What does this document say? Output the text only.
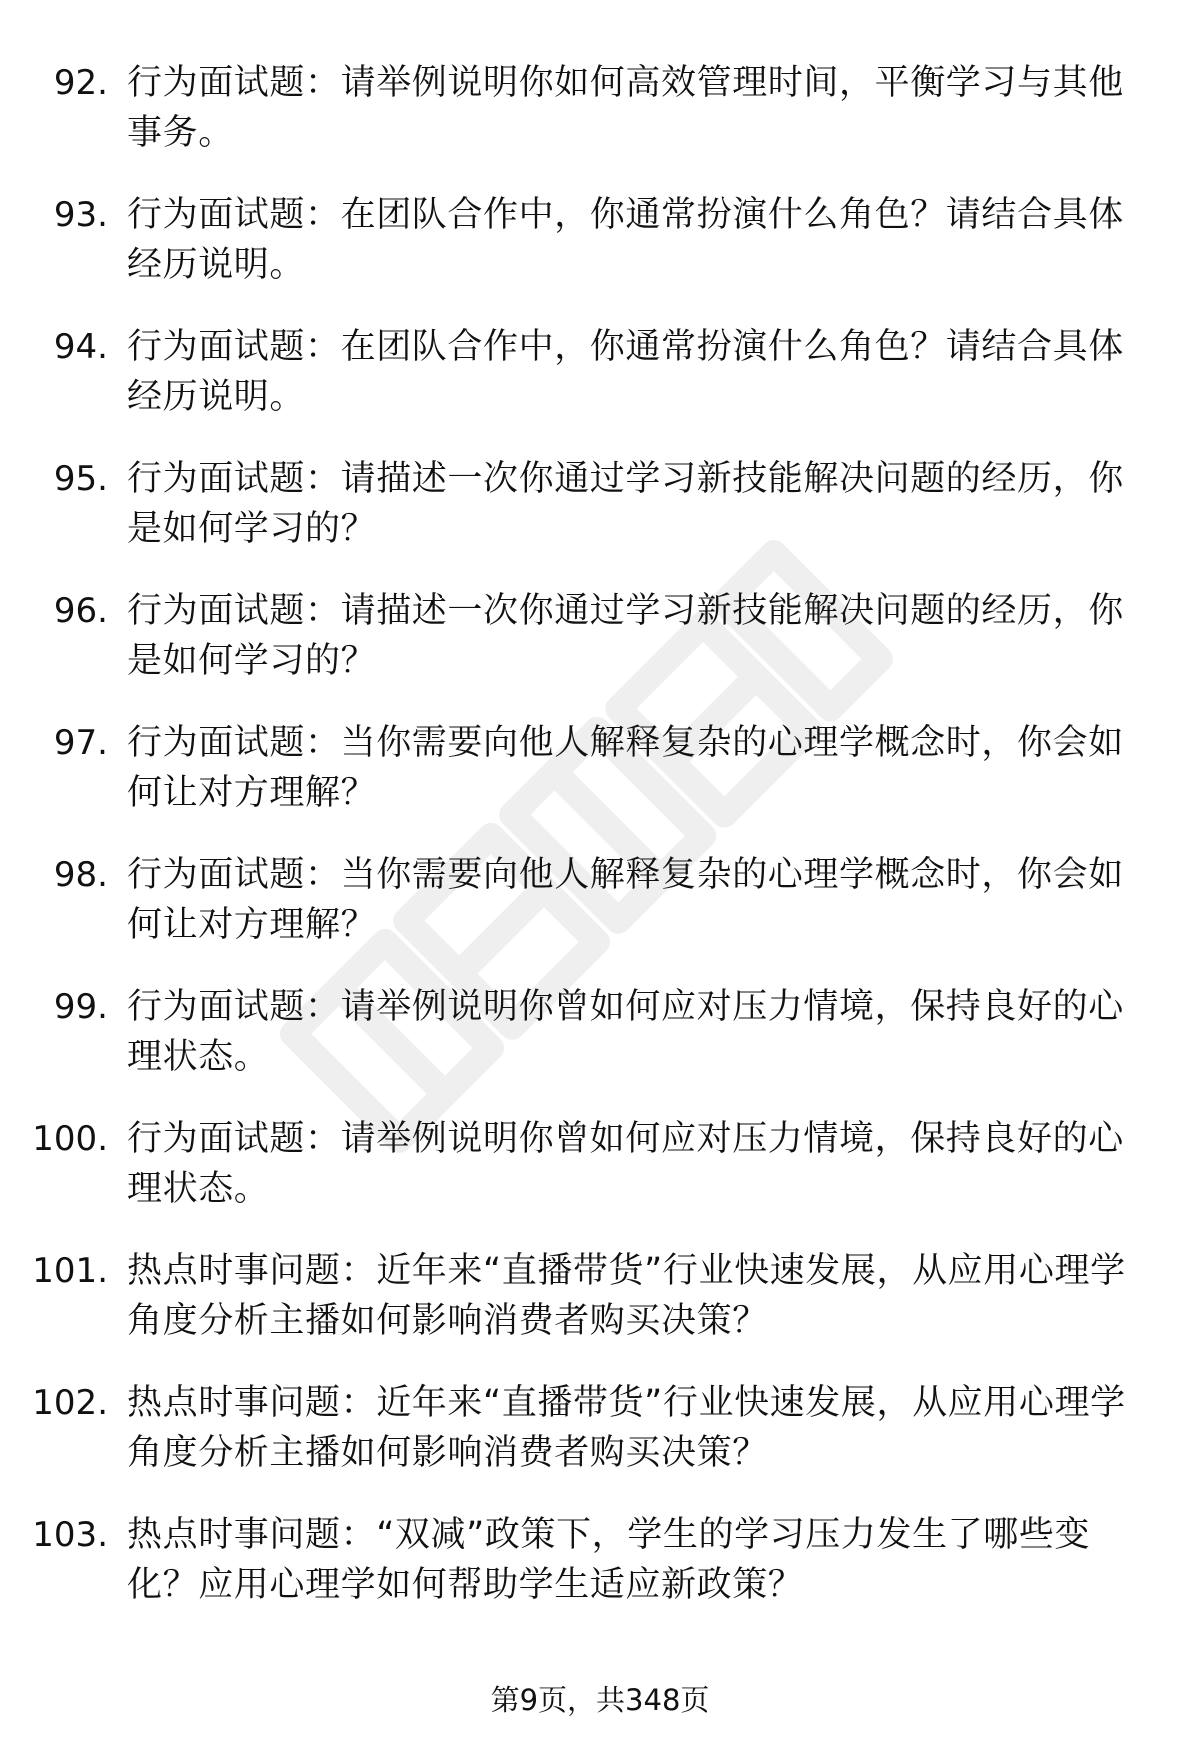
92. 行为面试题：请举例说明你如何高效管理时间，平衡学习与其他事务。
93. 行为面试题：在团队合作中，你通常扮演什么角色？请结合具体经历说明。
94. 行为面试题：在团队合作中，你通常扮演什么角色？请结合具体经历说明。
95. 行为面试题：请描述一次你通过学习新技能解决问题的经历，你是如何学习的？
96. 行为面试题：请描述一次你通过学习新技能解决问题的经历，你是如何学习的？
97. 行为面试题：当你需要向他人解释复杂的心理学概念时，你会如何让对方理解？
98. 行为面试题：当你需要向他人解释复杂的心理学概念时，你会如何让对方理解？
99. 行为面试题：请举例说明你曾如何应对压力情境，保持良好的心理状态。
100. 行为面试题：请举例说明你曾如何应对压力情境，保持良好的心理状态。
101. 热点时事问题：近年来“直播带货”行业快速发展，从应用心理学角度分析主播如何影响消费者购买决策？
102. 热点时事问题：近年来“直播带货”行业快速发展，从应用心理学角度分析主播如何影响消费者购买决策？
103. 热点时事问题：“双减”政策下，学生的学习压力发生了哪些变化？应用心理学如何帮助学生适应新政策？
第9页，共348页
